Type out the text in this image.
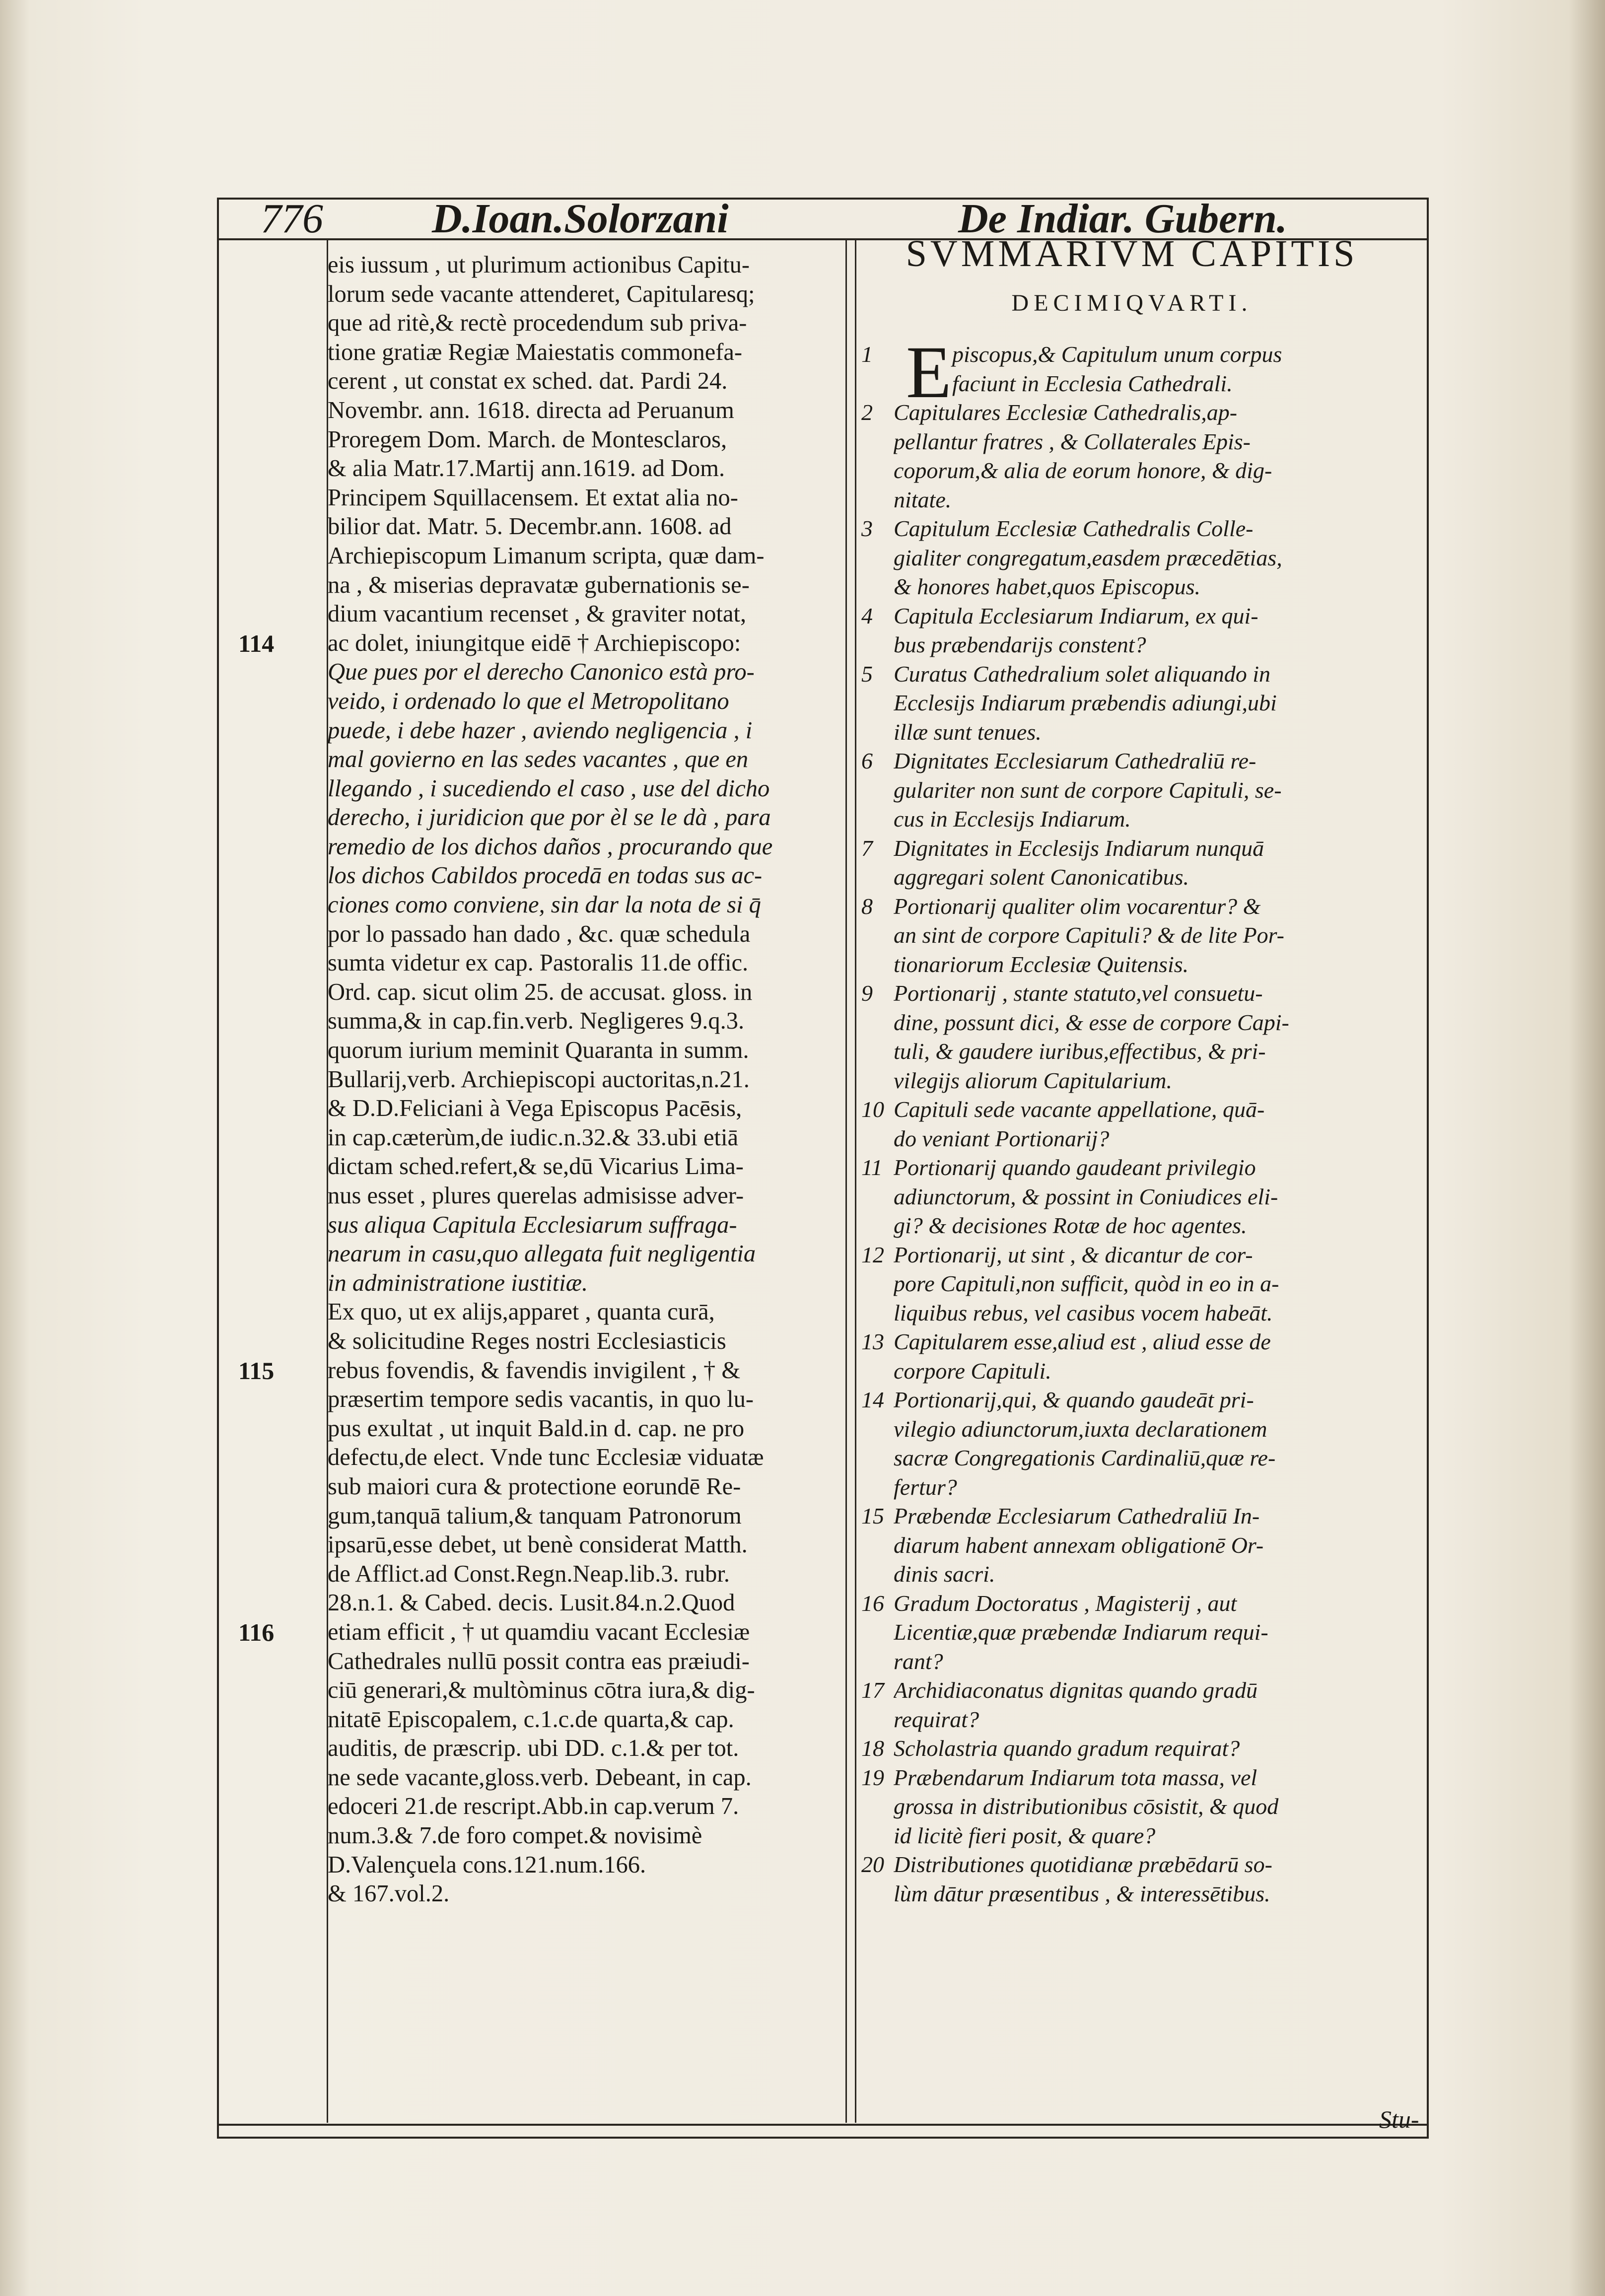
776	D.Ioan.Solorzani	De Indiar. Gubern.
eis iussum , ut plurimum actionibus Capitu-
lorum sede vacante attenderet, Capitularesq;
que ad ritè,& rectè procedendum sub priva-
tione gratiæ Regiæ Maiestatis commonefa-
cerent , ut constat ex sched. dat. Pardi 24.
Novembr. ann. 1618. directa ad Peruanum
Proregem Dom. March. de Montesclaros,
& alia Matr.17.Martij ann.1619. ad Dom.
Principem Squillacensem. Et extat alia no-
bilior dat. Matr. 5. Decembr.ann. 1608. ad
Archiepiscopum Limanum scripta, quæ dam-
na , & miserias depravatæ gubernationis se-
dium vacantium recenset , & graviter notat,
ac dolet, iniungitque eidē † Archiepiscopo:
Que pues por el derecho Canonico està pro-
veido, i ordenado lo que el Metropolitano
puede, i debe hazer , aviendo negligencia , i
mal govierno en las sedes vacantes , que en
llegando , i sucediendo el caso , use del dicho
derecho, i juridicion que por èl se le dà , para
remedio de los dichos daños , procurando que
los dichos Cabildos procedā en todas sus ac-
ciones como conviene, sin dar la nota de si q̄
por lo passado han dado , &c. quæ schedula
sumta videtur ex cap. Pastoralis 11.de offic.
Ord. cap. sicut olim 25. de accusat. gloss. in
summa,& in cap.fin.verb. Negligeres 9.q.3.
quorum iurium meminit Quaranta in summ.
Bullarij,verb. Archiepiscopi auctoritas,n.21.
& D.D.Feliciani à Vega Episcopus Pacēsis,
in cap.cæterùm,de iudic.n.32.& 33.ubi etiā
dictam sched.refert,& se,dū Vicarius Lima-
nus esset , plures querelas admisisse adver-
sus aliqua Capitula Ecclesiarum suffraga-
nearum in casu,quo allegata fuit negligentia
in administratione iustitiæ.
Ex quo, ut ex alijs,apparet , quanta curā,
& solicitudine Reges nostri Ecclesiasticis
rebus fovendis, & favendis invigilent , † &
præsertim tempore sedis vacantis, in quo lu-
pus exultat , ut inquit Bald.in d. cap. ne pro
defectu,de elect. Vnde tunc Ecclesiæ viduatæ
sub maiori cura & protectione eorundē Re-
gum,tanquā talium,& tanquam Patronorum
ipsarū,esse debet, ut benè considerat Matth.
de Afflict.ad Const.Regn.Neap.lib.3. rubr.
28.n.1. & Cabed. decis. Lusit.84.n.2.Quod
etiam efficit , † ut quamdiu vacant Ecclesiæ
Cathedrales nullū possit contra eas præiudi-
ciū generari,& multòminus cōtra iura,& dig-
nitatē Episcopalem, c.1.c.de quarta,& cap.
auditis, de præscrip. ubi DD. c.1.& per tot.
ne sede vacante,gloss.verb. Debeant, in cap.
edoceri 21.de rescript.Abb.in cap.verum 7.
num.3.& 7.de foro compet.& novisimè
D.Valençuela cons.121.num.166.
& 167.vol.2.
114
115
116
SVMMARIVM CAPITIS
DECIMIQVARTI.
1 E piscopus,& Capitulum unum corpus
faciunt in Ecclesia Cathedrali.
2 Capitulares Ecclesiæ Cathedralis,ap-
pellantur fratres , & Collaterales Epis-
coporum,& alia de eorum honore, & dig-
nitate.
3 Capitulum Ecclesiæ Cathedralis Colle-
gialiter congregatum,easdem præcedētias,
& honores habet,quos Episcopus.
4 Capitula Ecclesiarum Indiarum, ex qui-
bus præbendarijs constent?
5 Curatus Cathedralium solet aliquando in
Ecclesijs Indiarum præbendis adiungi,ubi
illæ sunt tenues.
6 Dignitates Ecclesiarum Cathedraliū re-
gulariter non sunt de corpore Capituli, se-
cus in Ecclesijs Indiarum.
7 Dignitates in Ecclesijs Indiarum nunquā
aggregari solent Canonicatibus.
8 Portionarij qualiter olim vocarentur? &
an sint de corpore Capituli? & de lite Por-
tionariorum Ecclesiæ Quitensis.
9 Portionarij , stante statuto,vel consuetu-
dine, possunt dici, & esse de corpore Capi-
tuli, & gaudere iuribus,effectibus, & pri-
vilegijs aliorum Capitularium.
10 Capituli sede vacante appellatione, quā-
do veniant Portionarij?
11 Portionarij quando gaudeant privilegio
adiunctorum, & possint in Coniudices eli-
gi? & decisiones Rotæ de hoc agentes.
12 Portionarij, ut sint , & dicantur de cor-
pore Capituli,non sufficit, quòd in eo in a-
liquibus rebus, vel casibus vocem habeāt.
13 Capitularem esse,aliud est , aliud esse de
corpore Capituli.
14 Portionarij,qui, & quando gaudeāt pri-
vilegio adiunctorum,iuxta declarationem
sacræ Congregationis Cardinaliū,quæ re-
fertur?
15 Præbendæ Ecclesiarum Cathedraliū In-
diarum habent annexam obligationē Or-
dinis sacri.
16 Gradum Doctoratus , Magisterij , aut
Licentiæ,quæ præbendæ Indiarum requi-
rant?
17 Archidiaconatus dignitas quando gradū
requirat?
18 Scholastria quando gradum requirat?
19 Præbendarum Indiarum tota massa, vel
grossa in distributionibus cōsistit, & quod
id licitè fieri posit, & quare?
20 Distributiones quotidianæ præbēdarū so-
lùm dātur præsentibus , & interessētibus.
Stu-
